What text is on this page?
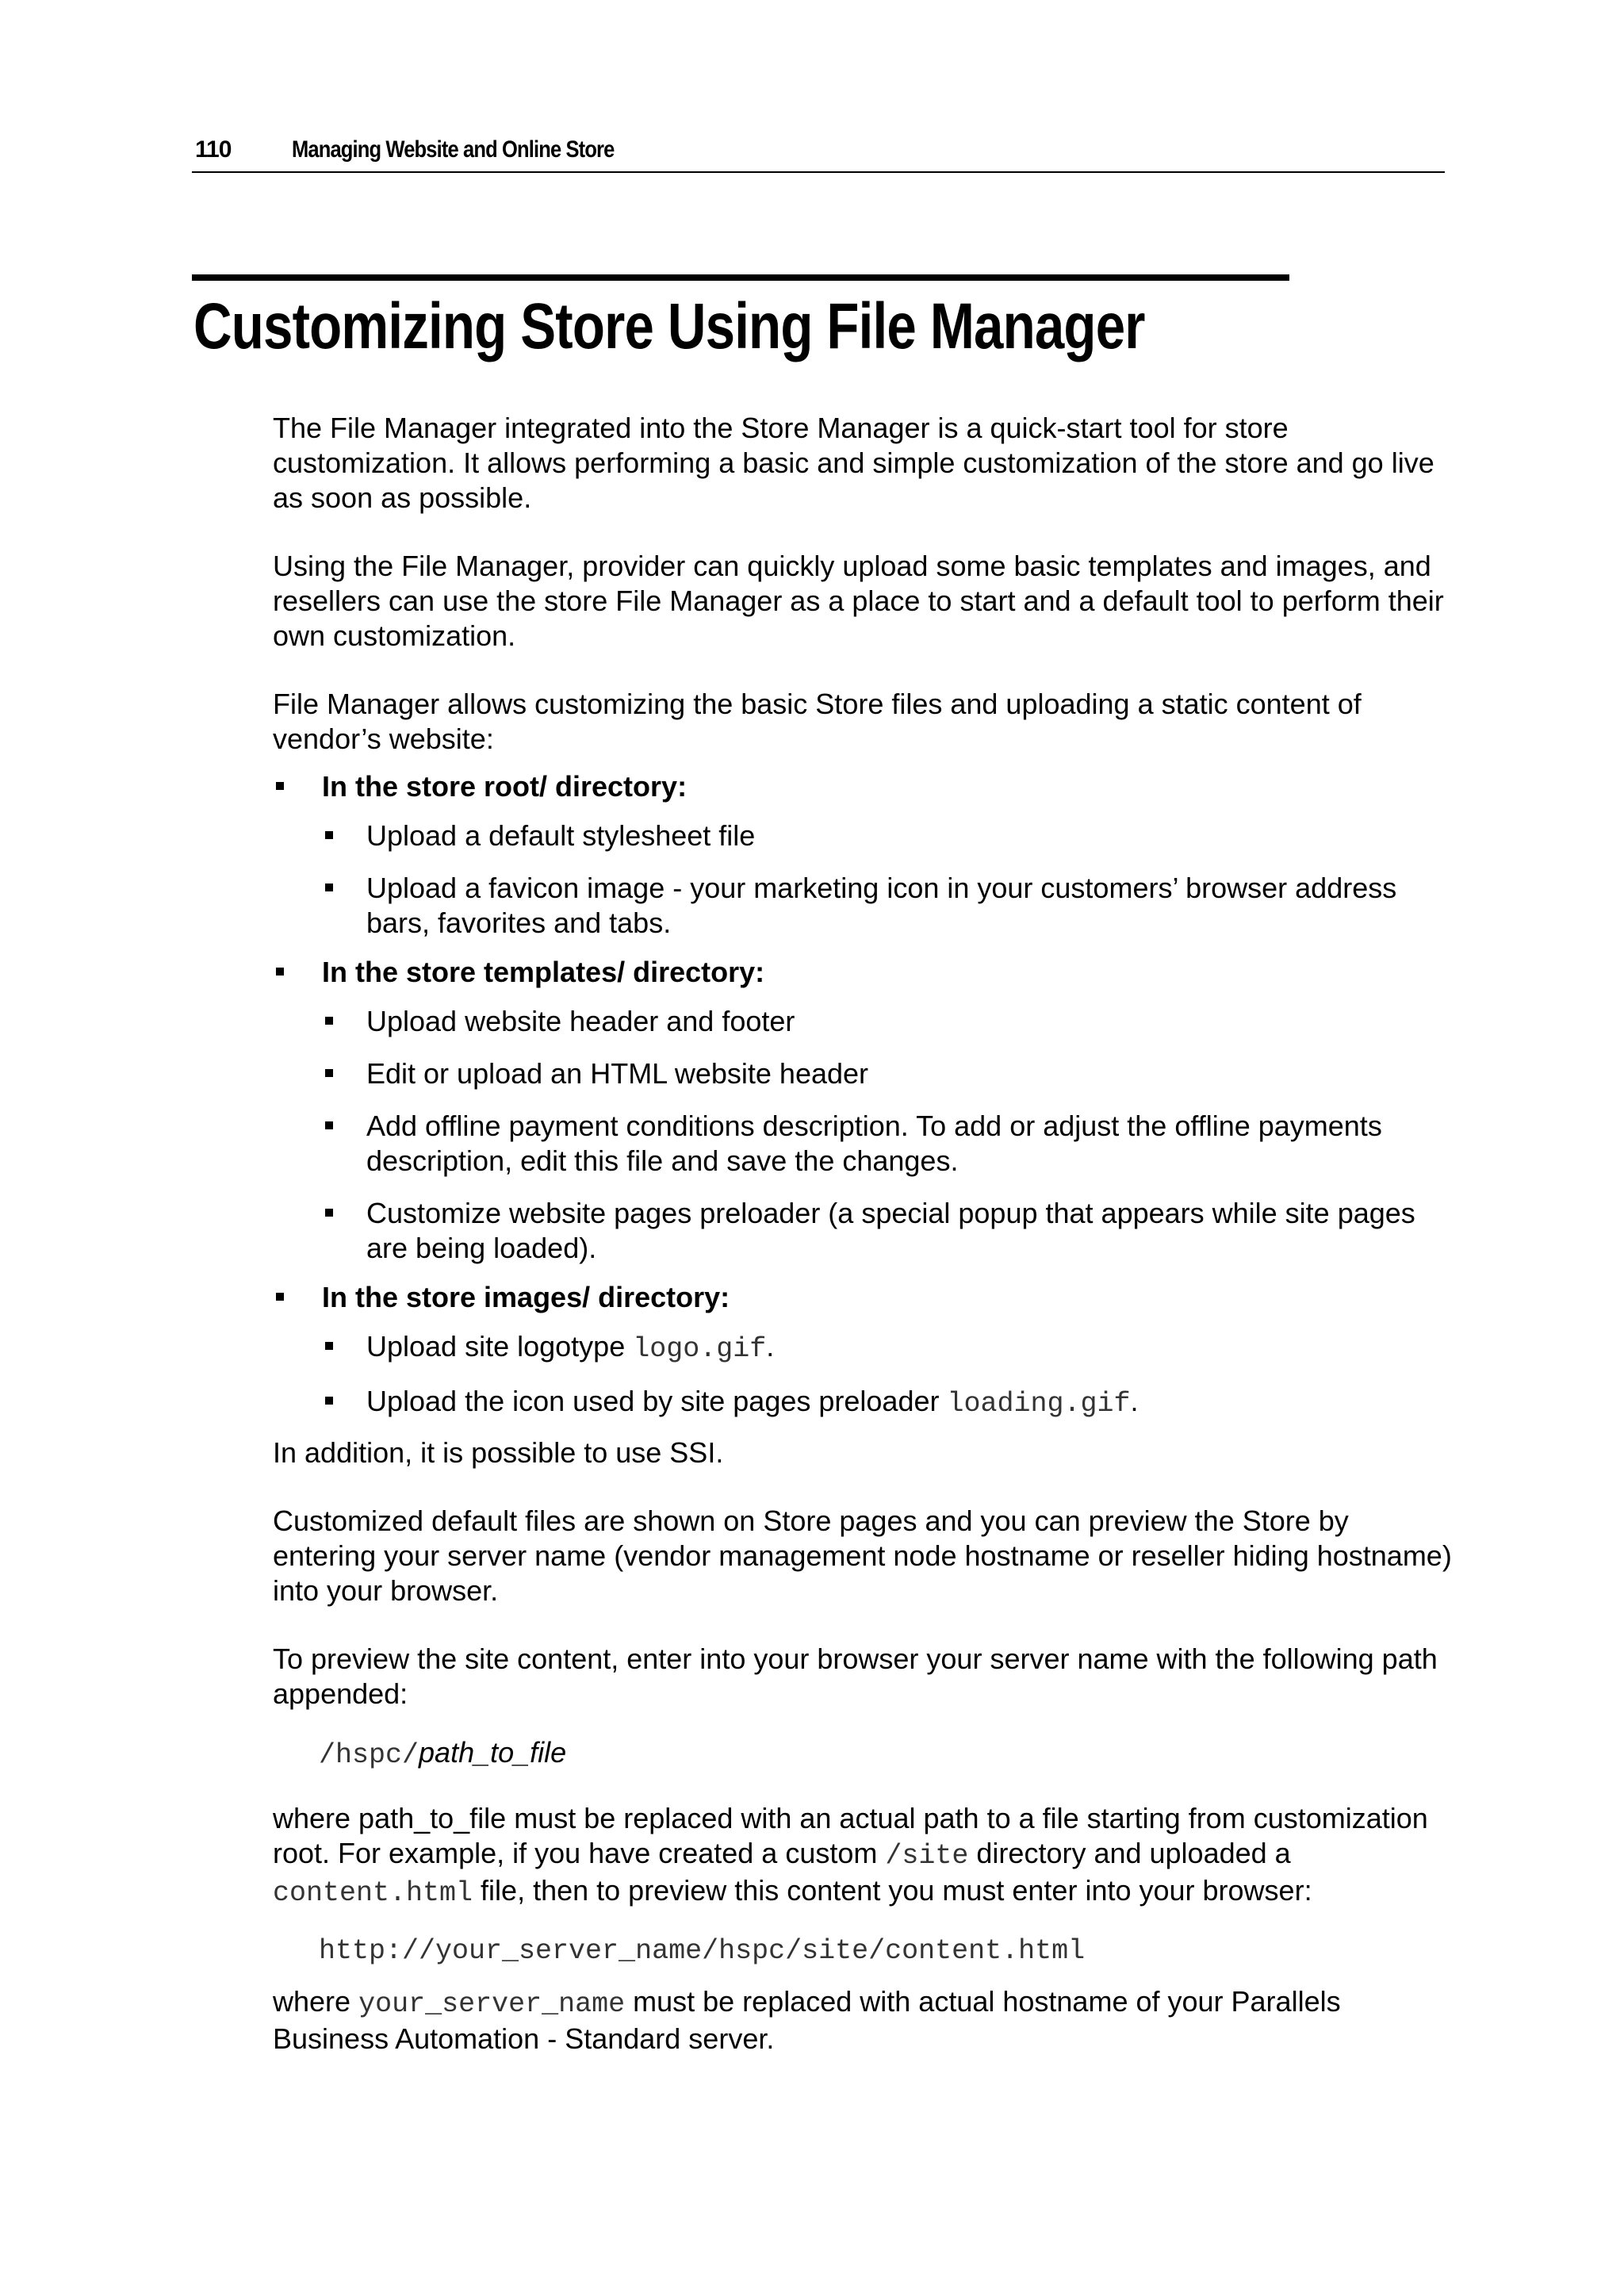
110	Managing Website and Online Store
Customizing Store Using File Manager

The File Manager integrated into the Store Manager is a quick-start tool for store customization. It allows performing a basic and simple customization of the store and go live as soon as possible.

Using the File Manager, provider can quickly upload some basic templates and images, and resellers can use the store File Manager as a place to start and a default tool to perform their own customization.

File Manager allows customizing the basic Store files and uploading a static content of vendor’s website:

In the store root/ directory:
Upload a default stylesheet file
Upload a favicon image - your marketing icon in your customers’ browser address bars, favorites and tabs.
In the store templates/ directory:
Upload website header and footer
Edit or upload an HTML website header
Add offline payment conditions description. To add or adjust the offline payments description, edit this file and save the changes.
Customize website pages preloader (a special popup that appears while site pages are being loaded).
In the store images/ directory:
Upload site logotype logo.gif.
Upload the icon used by site pages preloader loading.gif.

In addition, it is possible to use SSI.

Customized default files are shown on Store pages and you can preview the Store by entering your server name (vendor management node hostname or reseller hiding hostname) into your browser.

To preview the site content, enter into your browser your server name with the following path appended:

/hspc/path_to_file

where path_to_file must be replaced with an actual path to a file starting from customization root. For example, if you have created a custom /site directory and uploaded a content.html file, then to preview this content you must enter into your browser:

http://your_server_name/hspc/site/content.html

where your_server_name must be replaced with actual hostname of your Parallels Business Automation - Standard server.
